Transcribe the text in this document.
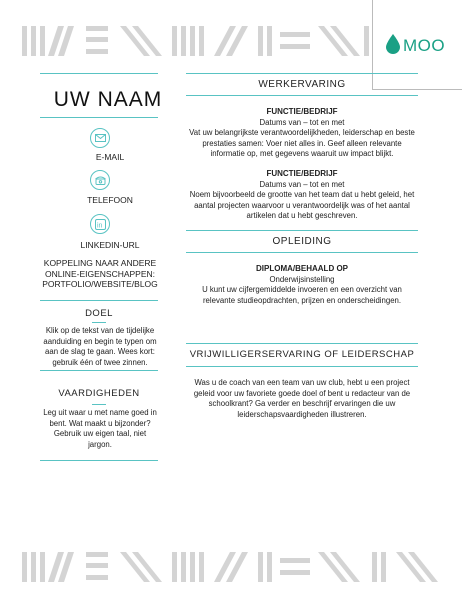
MOO
UW NAAM
E-MAIL
TELEFOON
in
LINKEDIN-URL
KOPPELING NAAR ANDERE ONLINE-EIGENSCHAPPEN: PORTFOLIO/WEBSITE/BLOG
DOEL
Klik op de tekst van de tijdelijke aanduiding en begin te typen om aan de slag te gaan. Wees kort: gebruik één of twee zinnen.
VAARDIGHEDEN
Leg uit waar u met name goed in bent. Wat maakt u bijzonder? Gebruik uw eigen taal, niet jargon.
WERKERVARING
FUNCTIE/BEDRIJF
Datums van – tot en met
Vat uw belangrijkste verantwoordelijkheden, leiderschap en beste prestaties samen: Voer niet alles in. Geef alleen relevante informatie op, met gegevens waaruit uw impact blijkt.
FUNCTIE/BEDRIJF
Datums van – tot en met
Noem bijvoorbeeld de grootte van het team dat u hebt geleid, het aantal projecten waarvoor u verantwoordelijk was of het aantal artikelen dat u hebt geschreven.
OPLEIDING
DIPLOMA/BEHAALD OP
Onderwijsinstelling
U kunt uw cijfergemiddelde invoeren en een overzicht van relevante studieopdrachten, prijzen en onderscheidingen.
VRIJWILLIGERSERVARING OF LEIDERSCHAP
Was u de coach van een team van uw club, hebt u een project geleid voor uw favoriete goede doel of bent u redacteur van de schoolkrant? Ga verder en beschrijf ervaringen die uw leiderschapsvaardigheden illustreren.
